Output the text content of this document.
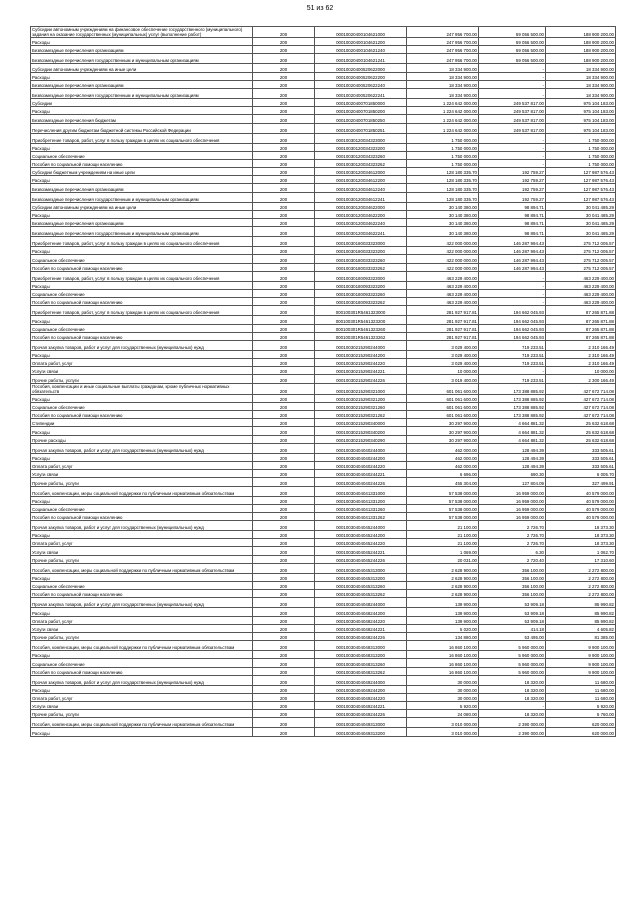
51 из 62
Субсидии автономным учреждениям на финансовое обеспечение государственного (муниципального) задания на оказание государственных (муниципальных) услуг (выполнение работ)	200	00010020400104621000	247 956 700.00	59 056 500.00	188 900 200.00
Расходы	200	00010020400104621200	247 956 700.00	59 056 500.00	188 900 200.00
Безвозмездные перечисления организациям	200	00010020400104621240	247 956 700.00	59 056 500.00	188 900 200.00
Безвозмездные перечисления государственным и муниципальным организациям	200	00010020400104621241	247 956 700.00	59 056 500.00	188 900 200.00
Субсидии автономным учреждениям на иные цели	200	00010020400520622000	18 334 900.00	-	18 334 900.00
Расходы	200	00010020400520622200	18 334 900.00	-	18 334 900.00
Безвозмездные перечисления организациям	200	00010020400520622240	18 334 900.00	-	18 334 900.00
Безвозмездные перечисления государственным и муниципальным организациям	200	00010020400520622241	18 334 900.00	-	18 334 900.00
Субсидии	200	00010020400701850000	1 224 642 000.00	249 537 817.00	975 104 183.00
Расходы	200	00010020400701850200	1 224 642 000.00	249 537 817.00	975 104 183.00
Безвозмездные перечисления бюджетам	200	00010020400701850250	1 224 642 000.00	249 537 817.00	975 104 183.00
Перечисления другим бюджетам бюджетной системы Российской Федерации	200	00010020400701850251	1 224 642 000.00	249 537 817.00	975 104 183.00
Приобретение товаров, работ, услуг в пользу граждан в целях их социального обеспечения	200	00010030120034323000	1 750 000.00	-	1 750 000.00
Расходы	200	00010030120034323200	1 750 000.00	-	1 750 000.00
Социальное обеспечение	200	00010030120034323260	1 750 000.00	-	1 750 000.00
Пособия по социальной помощи населению	200	00010030120034323262	1 750 000.00	-	1 750 000.00
Субсидии бюджетным учреждениям на иные цели	200	00010030120034612000	128 180 335.70	192 759.27	127 987 576.43
Расходы	200	00010030120034612200	128 180 335.70	192 759.27	127 987 576.43
Безвозмездные перечисления организациям	200	00010030120034612240	128 180 335.70	192 759.27	127 987 576.43
Безвозмездные перечисления государственным и муниципальным организациям	200	00010030120034612241	128 180 335.70	192 759.27	127 987 576.43
Субсидии автономным учреждениям на иные цели	200	00010030120034622000	30 140 380.00	98 894.71	30 041 485.29
Расходы	200	00010030120034622200	30 140 380.00	98 894.71	30 041 485.29
Безвозмездные перечисления организациям	200	00010030120034622240	30 140 380.00	98 894.71	30 041 485.29
Безвозмездные перечисления государственным и муниципальным организациям	200	00010030120034622241	30 140 380.00	98 894.71	30 041 485.29
Приобретение товаров, работ, услуг в пользу граждан в целях их социального обеспечения	200	00010030180033323000	422 000 000.00	146 287 994.43	275 712 005.57
Расходы	200	00010030180033323200	422 000 000.00	146 287 994.43	275 712 005.57
Социальное обеспечение	200	00010030180033323260	422 000 000.00	146 287 994.43	275 712 005.57
Пособия по социальной помощи населению	200	00010030180033323262	422 000 000.00	146 287 994.43	275 712 005.57
Приобретение товаров, работ, услуг в пользу граждан в целях их социального обеспечения	200	00010030180093323000	463 229 400.00	-	463 229 400.00
Расходы	200	00010030180093323200	463 229 400.00	-	463 229 400.00
Социальное обеспечение	200	00010030180093323260	463 229 400.00	-	463 229 400.00
Пособия по социальной помощи населению	200	00010030180093323262	463 229 400.00	-	463 229 400.00
Приобретение товаров, работ, услуг в пользу граждан в целях их социального обеспечения	200	000100301R5461323000	281 927 917.81	194 662 045.93	87 265 871.88
Расходы	200	000100301R5461323200	281 927 917.81	194 662 045.93	87 265 871.88
Социальное обеспечение	200	000100301R5461323260	281 927 917.81	194 662 045.93	87 265 871.88
Пособия по социальной помощи населению	200	000100301R5461323262	281 927 917.81	194 662 045.93	87 265 871.88
Прочая закупка товаров, работ и услуг для государственных (муниципальных) нужд	200	00010030215290244000	3 029 400.00	719 233.51	2 310 166.49
Расходы	200	00010030215290244200	3 029 400.00	719 233.51	2 310 166.49
Оплата работ, услуг	200	00010030215290244220	3 029 400.00	719 233.51	2 310 166.49
Услуги связи	200	00010030215290244221	10 000.00	-	10 000.00
Прочие работы, услуги	200	00010030215290244226	3 019 400.00	719 233.51	2 300 166.49
Пособия, компенсации и иные социальные выплаты гражданам, кроме публичных нормативных обязательств	200	00010030215290321000	601 061 600.00	173 388 885.92	427 672 714.08
Расходы	200	00010030215290321200	601 061 600.00	173 388 885.92	427 672 714.08
Социальное обеспечение	200	00010030215290321260	601 061 600.00	173 388 885.92	427 672 714.08
Пособия по социальной помощи населению	200	00010030215290321262	601 061 600.00	173 388 885.92	427 672 714.08
Стипендии	200	00010030215290340000	30 297 900.00	4 664 881.32	25 632 618.68
Расходы	200	00010030215290340200	30 297 900.00	4 664 881.32	25 632 618.68
Прочие расходы	200	00010030215290340290	30 297 900.00	4 664 881.32	25 632 618.68
Прочая закупка товаров, работ и услуг для государственных (муниципальных) нужд	200	00010030404040244000	462 000.00	128 494.39	333 505.61
Расходы	200	00010030404040244200	462 000.00	128 494.39	333 505.61
Оплата работ, услуг	200	00010030404040244220	462 000.00	128 494.39	333 505.61
Услуги связи	200	00010030404040244221	6 696.00	690.30	6 005.70
Прочие работы, услуги	200	00010030404040244226	455 304.00	127 804.09	327 499.91
Пособия, компенсации, меры социальной поддержки по публичным нормативным обязательствам	200	00010030404041331000	57 538 000.00	16 959 000.00	40 579 000.00
Расходы	200	00010030404041331200	57 538 000.00	16 959 000.00	40 579 000.00
Социальное обеспечение	200	00010030404041331260	57 538 000.00	16 959 000.00	40 579 000.00
Пособия по социальной помощи населению	200	00010030404041331262	57 538 000.00	16 959 000.00	40 579 000.00
Прочая закупка товаров, работ и услуг для государственных (муниципальных) нужд	200	00010030404045244000	21 100.00	2 726.70	18 373.30
Расходы	200	00010030404045244200	21 100.00	2 726.70	18 373.30
Оплата работ, услуг	200	00010030404045244220	21 100.00	2 726.70	18 373.30
Услуги связи	200	00010030404045244221	1 069.00	6.30	1 062.70
Прочие работы, услуги	200	00010030404045244226	20 031.00	2 720.40	17 310.60
Пособия, компенсации, меры социальной поддержки по публичным нормативным обязательствам	200	00010030404045313000	2 628 900.00	356 100.00	2 272 800.00
Расходы	200	00010030404045313200	2 628 900.00	356 100.00	2 272 800.00
Социальное обеспечение	200	00010030404045313260	2 628 900.00	356 100.00	2 272 800.00
Пособия по социальной помощи населению	200	00010030404045313262	2 628 900.00	356 100.00	2 272 800.00
Прочая закупка товаров, работ и услуг для государственных (муниципальных) нужд	200	00010030404048244000	139 900.00	53 909.18	85 990.82
Расходы	200	00010030404048244200	139 900.00	53 909.18	85 990.82
Оплата работ, услуг	200	00010030404048244220	139 900.00	53 909.18	85 990.82
Услуги связи	200	00010030404048244221	5 020.00	414.18	4 605.82
Прочие работы, услуги	200	00010030404048244226	134 880.00	53 495.00	81 385.00
Пособия, компенсации, меры социальной поддержки по публичным нормативным обязательствам	200	00010030404048313000	16 860 100.00	5 960 000.00	9 900 100.00
Расходы	200	00010030404048313200	16 860 100.00	5 960 000.00	9 900 100.00
Социальное обеспечение	200	00010030404048313260	16 860 100.00	5 960 000.00	9 900 100.00
Пособия по социальной помощи населению	200	00010030404048313262	16 860 100.00	5 960 000.00	9 900 100.00
Прочая закупка товаров, работ и услуг для государственных (муниципальных) нужд	200	00010030404049244000	30 000.00	18 320.00	11 680.00
Расходы	200	00010030404049244200	30 000.00	18 320.00	11 680.00
Оплата работ, услуг	200	00010030404049244220	30 000.00	18 320.00	11 680.00
Услуги связи	200	00010030404049244221	5 920.00	-	5 920.00
Прочие работы, услуги	200	00010030404049244226	24 080.00	18 320.00	5 760.00
Пособия, компенсации, меры социальной поддержки по публичным нормативным обязательствам	200	00010030404049313000	3 010 000.00	2 390 000.00	620 000.00
Расходы	200	00010030404049313200	3 010 000.00	2 390 000.00	620 000.00
